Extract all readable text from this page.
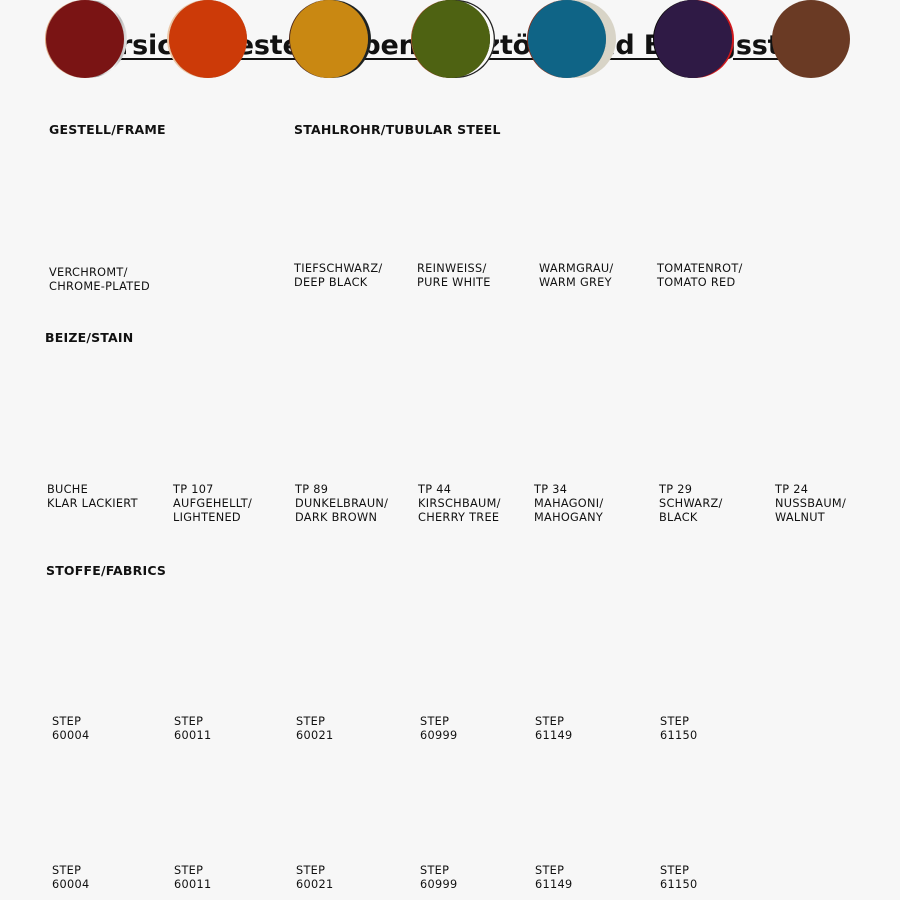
Übersicht Beiztöne Bezugsstoffe
GESTELL/FRAME	STAHLROHR/TUBULAR STEEL
BEIZE/STAIN
STOFFE/FABRICS
VERCHROMT/
CHROME-PLATED
TIEFSCHWARZ/
DEEP BLACK
REINWEISS/
PURE WHITE
WARMGRAU/
WARM GREY
TOMATENROT/
TOMATO RED
BUCHE
KLAR LACKIERT
TP 107
AUFGEHELLT/
LIGHTENED
TP 89
DUNKELBRAUN/
DARK BROWN
TP 44
KIRSCHBAUM/
CHERRY TREE
TP 34
MAHAGONI/
MAHOGANY
TP 29
SCHWARZ/
BLACK
TP 24
NUSSBAUM/
WALNUT
STEP
60004
STEP
60011
STEP
60021
STEP
60999
STEP
61149
STEP
61150
STEP
60004
STEP
60011
STEP
60021
STEP
60999
STEP
61149
STEP
61150
